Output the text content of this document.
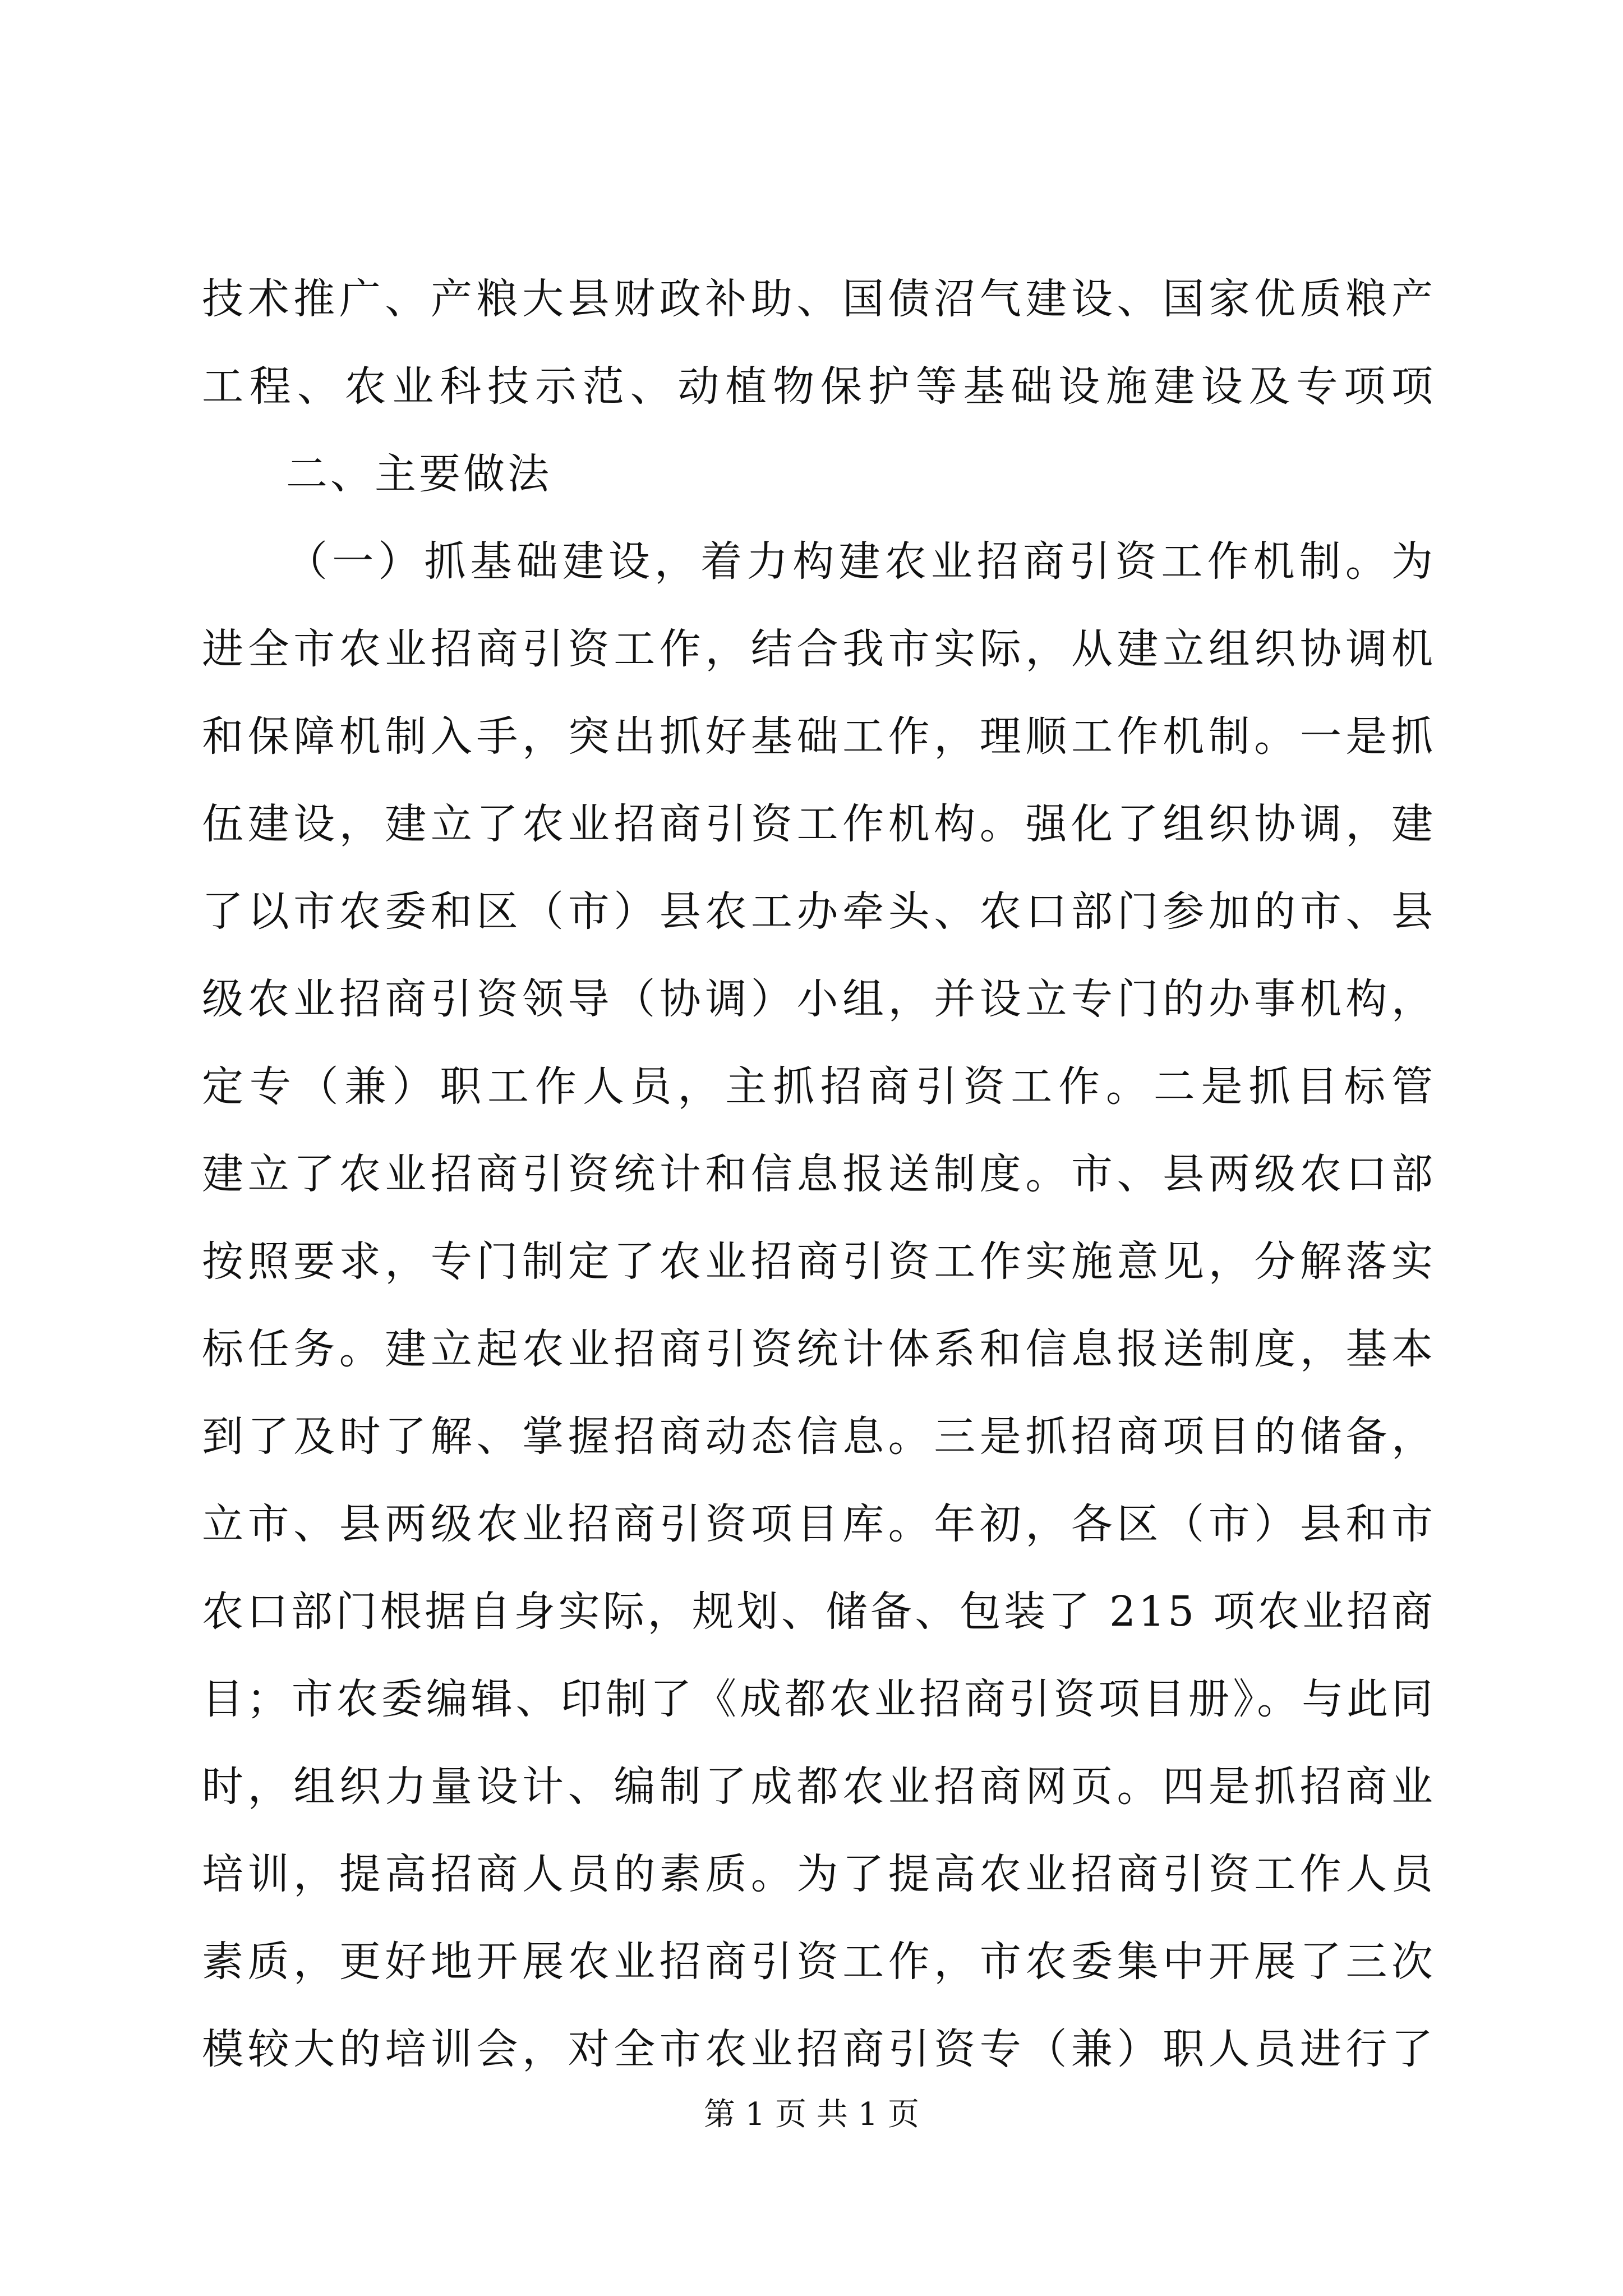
技术推广、产粮大县财政补助、国债沼气建设、国家优质粮产
工程、农业科技示范、动植物保护等基础设施建设及专项项
二、主要做法
（一）抓基础建设，着力构建农业招商引资工作机制。为
进全市农业招商引资工作，结合我市实际，从建立组织协调机
和保障机制入手，突出抓好基础工作，理顺工作机制。一是抓
伍建设，建立了农业招商引资工作机构。强化了组织协调，建
了以市农委和区（市）县农工办牵头、农口部门参加的市、县
级农业招商引资领导（协调）小组，并设立专门的办事机构，
定专（兼）职工作人员，主抓招商引资工作。二是抓目标管
建立了农业招商引资统计和信息报送制度。市、县两级农口部
按照要求，专门制定了农业招商引资工作实施意见，分解落实
标任务。建立起农业招商引资统计体系和信息报送制度，基本
到了及时了解、掌握招商动态信息。三是抓招商项目的储备，
立市、县两级农业招商引资项目库。年初，各区（市）县和市
农口部门根据自身实际，规划、储备、包装了 215 项农业招商
目；市农委编辑、印制了《成都农业招商引资项目册》。与此同
时，组织力量设计、编制了成都农业招商网页。四是抓招商业
培训，提高招商人员的素质。为了提高农业招商引资工作人员
素质，更好地开展农业招商引资工作，市农委集中开展了三次
模较大的培训会，对全市农业招商引资专（兼）职人员进行了
第 1 页 共 1 页
